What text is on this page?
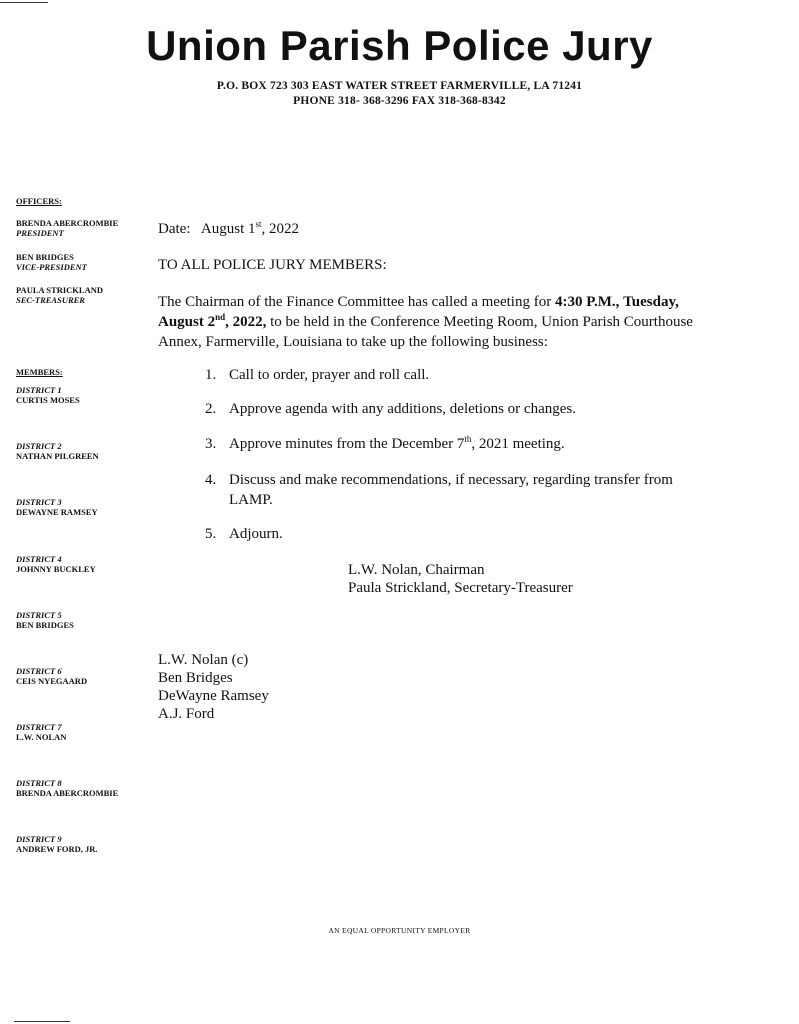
Union Parish Police Jury
P.O. BOX 723 303 EAST WATER STREET FARMERVILLE, LA 71241
PHONE 318- 368-3296 FAX 318-368-8342
OFFICERS:
BRENDA ABERCROMBIE
PRESIDENT
BEN BRIDGES
VICE-PRESIDENT
PAULA STRICKLAND
SEC-TREASURER
MEMBERS:
DISTRICT 1
CURTIS MOSES
DISTRICT 2
NATHAN PILGREEN
DISTRICT 3
DEWAYNE RAMSEY
DISTRICT 4
JOHNNY BUCKLEY
DISTRICT 5
BEN BRIDGES
DISTRICT 6
CEIS NYEGAARD
DISTRICT 7
L.W. NOLAN
DISTRICT 8
BRENDA ABERCROMBIE
DISTRICT 9
ANDREW FORD, JR.
Date: August 1st, 2022
TO ALL POLICE JURY MEMBERS:
The Chairman of the Finance Committee has called a meeting for 4:30 P.M., Tuesday, August 2nd, 2022, to be held in the Conference Meeting Room, Union Parish Courthouse Annex, Farmerville, Louisiana to take up the following business:
1. Call to order, prayer and roll call.
2. Approve agenda with any additions, deletions or changes.
3. Approve minutes from the December 7th, 2021 meeting.
4. Discuss and make recommendations, if necessary, regarding transfer from LAMP.
5. Adjourn.
L.W. Nolan, Chairman
Paula Strickland, Secretary-Treasurer
L.W. Nolan (c)
Ben Bridges
DeWayne Ramsey
A.J. Ford
AN EQUAL OPPORTUNITY EMPLOYER
